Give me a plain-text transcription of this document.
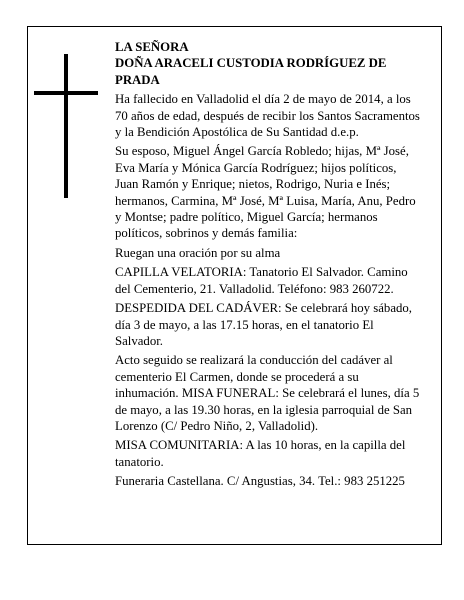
LA SEÑORA
DOÑA ARACELI CUSTODIA RODRÍGUEZ DE PRADA

Ha fallecido en Valladolid el día 2 de mayo de 2014, a los 70 años de edad, después de recibir los Santos Sacramentos y la Bendición Apostólica de Su Santidad d.e.p.

Su esposo, Miguel Ángel García Robledo; hijas, Mª José, Eva María y Mónica García Rodríguez; hijos políticos, Juan Ramón y Enrique; nietos, Rodrigo, Nuria e Inés; hermanos, Carmina, Mª José, Mª Luisa, María, Anu, Pedro y Montse; padre político, Miguel García; hermanos políticos, sobrinos y demás familia:

Ruegan una oración por su alma

CAPILLA VELATORIA: Tanatorio El Salvador. Camino del Cementerio, 21. Valladolid. Teléfono: 983 260722.

DESPEDIDA DEL CADÁVER: Se celebrará hoy sábado, día 3 de mayo, a las 17.15 horas, en el tanatorio El Salvador.

Acto seguido se realizará la conducción del cadáver al cementerio El Carmen, donde se procederá a su inhumación. MISA FUNERAL: Se celebrará el lunes, día 5 de mayo, a las 19.30 horas, en la iglesia parroquial de San Lorenzo (C/ Pedro Niño, 2, Valladolid).

MISA COMUNITARIA: A las 10 horas, en la capilla del tanatorio.

Funeraria Castellana. C/ Angustias, 34. Tel.: 983 251225
